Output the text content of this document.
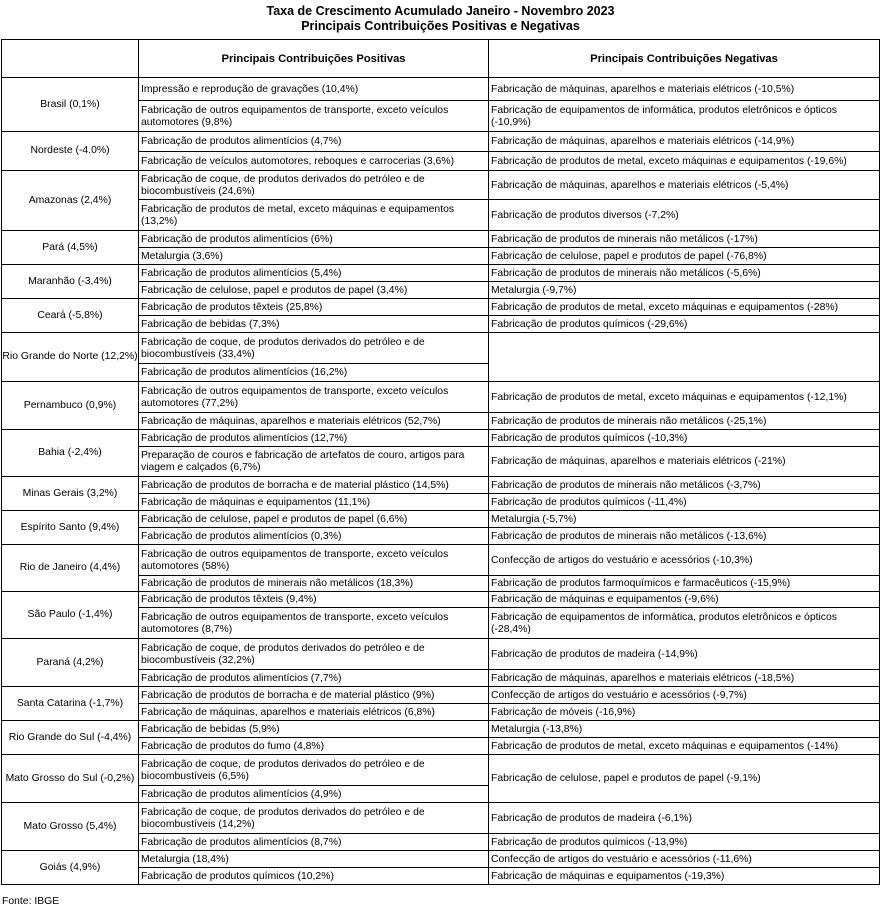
Taxa de Crescimento Acumulado Janeiro - Novembro 2023
Principais Contribuições Positivas e Negativas
	Principais Contribuições Positivas	Principais Contribuições Negativas
Brasil (0,1%)	Impressão e reprodução de gravações (10,4%)	Fabricação de máquinas, aparelhos e materiais elétricos (-10,5%)
	Fabricação de outros equipamentos de transporte, exceto veículos automotores (9,8%)	Fabricação de equipamentos de informática, produtos eletrônicos e ópticos (-10,9%)
Nordeste (-4.0%)	Fabricação de produtos alimentícios (4,7%)	Fabricação de máquinas, aparelhos e materiais elétricos (-14,9%)
	Fabricação de veículos automotores, reboques e carrocerias (3,6%)	Fabricação de produtos de metal, exceto máquinas e equipamentos (-19,6%)
Amazonas (2,4%)	Fabricação de coque, de produtos derivados do petróleo e de biocombustíveis (24,6%)	Fabricação de máquinas, aparelhos e materiais elétricos (-5,4%)
	Fabricação de produtos de metal, exceto máquinas e equipamentos (13,2%)	Fabricação de produtos diversos (-7,2%)
Pará (4,5%)	Fabricação de produtos alimentícios (6%)	Fabricação de produtos de minerais não metálicos (-17%)
	Metalurgia (3,6%)	Fabricação de celulose, papel e produtos de papel (-76,8%)
Maranhão (-3,4%)	Fabricação de produtos alimentícios (5,4%)	Fabricação de produtos de minerais não metálicos (-5,6%)
	Fabricação de celulose, papel e produtos de papel (3,4%)	Metalurgia (-9,7%)
Ceará (-5,8%)	Fabricação de produtos têxteis (25,8%)	Fabricação de produtos de metal, exceto máquinas e equipamentos (-28%)
	Fabricação de bebidas (7,3%)	Fabricação de produtos químicos (-29,6%)
Rio Grande do Norte (12,2%)	Fabricação de coque, de produtos derivados do petróleo e de biocombustíveis (33,4%)	
	Fabricação de produtos alimentícios (16,2%)	
Pernambuco (0,9%)	Fabricação de outros equipamentos de transporte, exceto veículos automotores (77,2%)	Fabricação de produtos de metal, exceto máquinas e equipamentos (-12,1%)
	Fabricação de máquinas, aparelhos e materiais elétricos (52,7%)	Fabricação de produtos de minerais não metálicos (-25,1%)
Bahia (-2,4%)	Fabricação de produtos alimentícios (12,7%)	Fabricação de produtos químicos (-10,3%)
	Preparação de couros e fabricação de artefatos de couro, artigos para viagem e calçados (6,7%)	Fabricação de máquinas, aparelhos e materiais elétricos (-21%)
Minas Gerais (3,2%)	Fabricação de produtos de borracha e de material plástico (14,5%)	Fabricação de produtos de minerais não metálicos (-3,7%)
	Fabricação de máquinas e equipamentos (11,1%)	Fabricação de produtos químicos (-11,4%)
Espírito Santo (9,4%)	Fabricação de celulose, papel e produtos de papel (6,6%)	Metalurgia (-5,7%)
	Fabricação de produtos alimentícios (0,3%)	Fabricação de produtos de minerais não metálicos (-13,6%)
Rio de Janeiro (4,4%)	Fabricação de outros equipamentos de transporte, exceto veículos automotores (58%)	Confecção de artigos do vestuário e acessórios (-10,3%)
	Fabricação de produtos de minerais não metálicos (18,3%)	Fabricação de produtos farmoquímicos e farmacêuticos (-15,9%)
São Paulo (-1,4%)	Fabricação de produtos têxteis (9,4%)	Fabricação de máquinas e equipamentos (-9,6%)
	Fabricação de outros equipamentos de transporte, exceto veículos automotores (8,7%)	Fabricação de equipamentos de informática, produtos eletrônicos e ópticos (-28,4%)
Paraná (4,2%)	Fabricação de coque, de produtos derivados do petróleo e de biocombustíveis (32,2%)	Fabricação de produtos de madeira (-14,9%)
	Fabricação de produtos alimentícios (7,7%)	Fabricação de máquinas, aparelhos e materiais elétricos (-18,5%)
Santa Catarina (-1,7%)	Fabricação de produtos de borracha e de material plástico (9%)	Confecção de artigos do vestuário e acessórios (-9,7%)
	Fabricação de máquinas, aparelhos e materiais elétricos (6,8%)	Fabricação de móveis (-16,9%)
Rio Grande do Sul (-4,4%)	Fabricação de bebidas (5,9%)	Metalurgia (-13,8%)
	Fabricação de produtos do fumo (4,8%)	Fabricação de produtos de metal, exceto máquinas e equipamentos (-14%)
Mato Grosso do Sul (-0,2%)	Fabricação de coque, de produtos derivados do petróleo e de biocombustíveis (6,5%)	Fabricação de celulose, papel e produtos de papel (-9,1%)
	Fabricação de produtos alimentícios (4,9%)	
Mato Grosso (5,4%)	Fabricação de coque, de produtos derivados do petróleo e de biocombustíveis (14,2%)	Fabricação de produtos de madeira (-6,1%)
	Fabricação de produtos alimentícios (8,7%)	Fabricação de produtos químicos (-13,9%)
Goiás (4,9%)	Metalurgia (18,4%)	Confecção de artigos do vestuário e acessórios (-11,6%)
	Fabricação de produtos químicos (10,2%)	Fabricação de máquinas e equipamentos (-19,3%)
Fonte: IBGE
